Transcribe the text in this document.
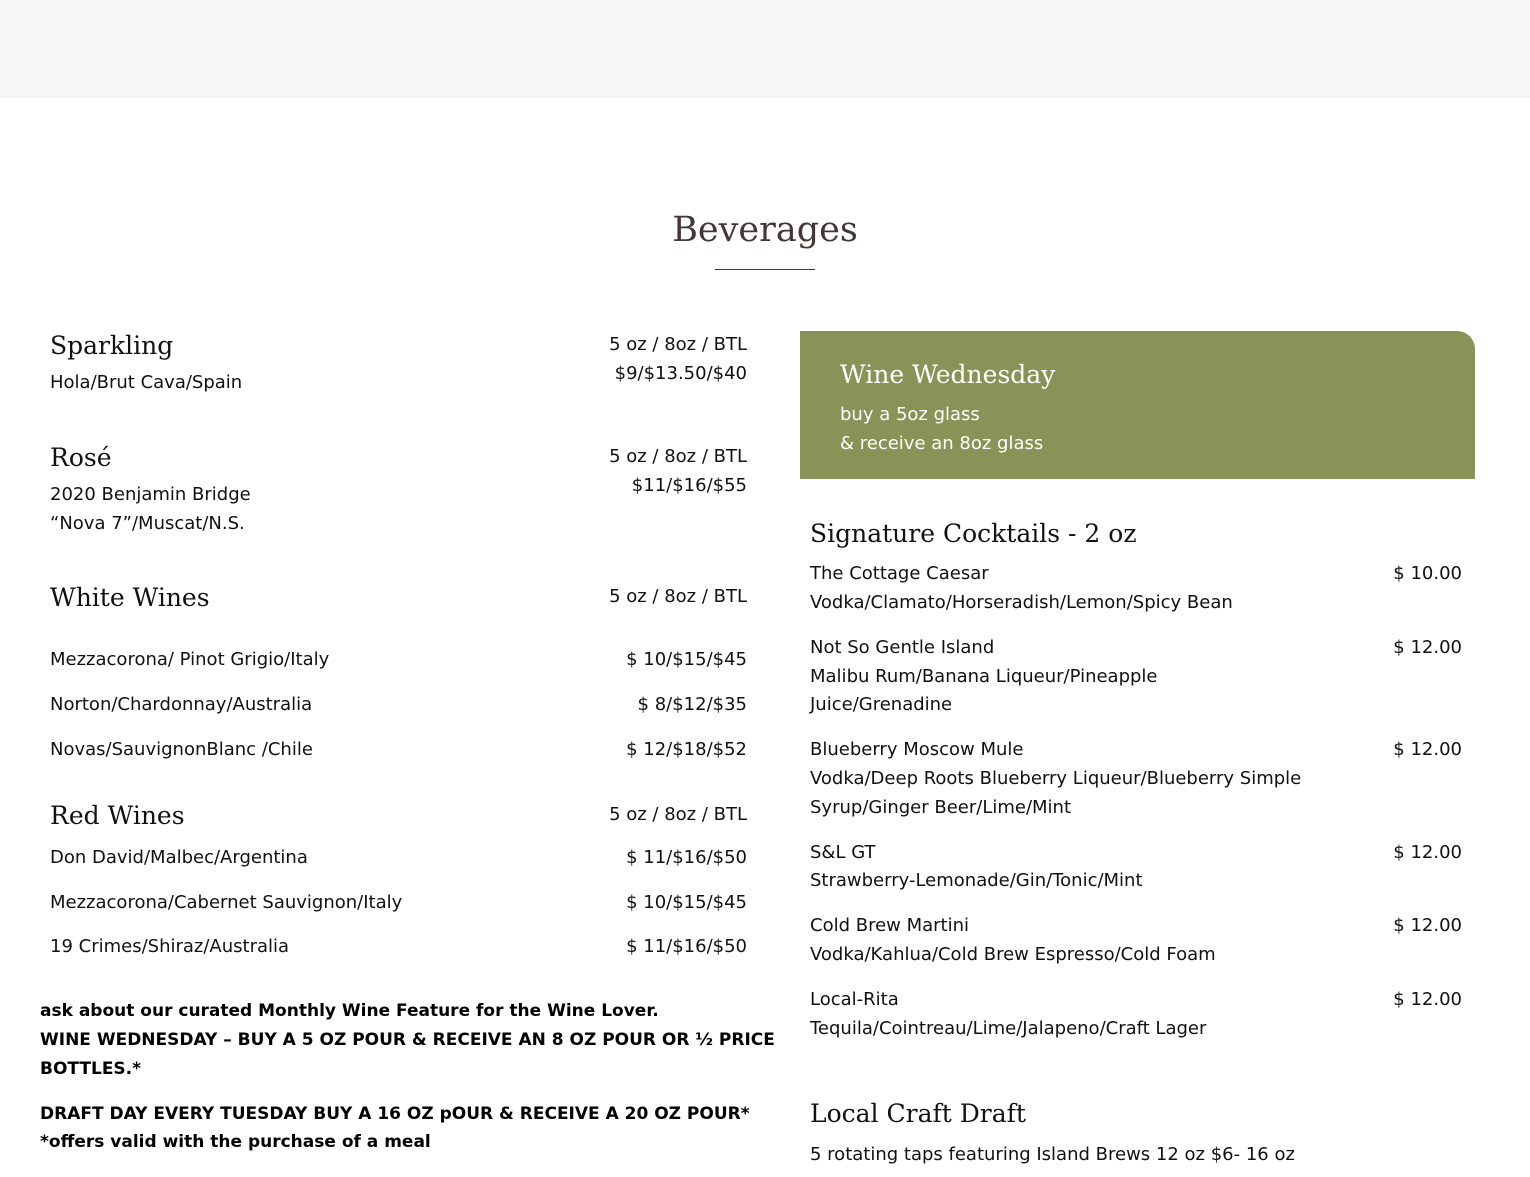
Beverages
Sparkling	5 oz / 8oz / BTL
Hola/Brut Cava/Spain	$9/$13.50/$40
Rosé	5 oz / 8oz / BTL
2020 Benjamin Bridge
“Nova 7”/Muscat/N.S.
$11/$16/$55
White Wines	5 oz / 8oz / BTL
Mezzacorona/ Pinot Grigio/Italy	$ 10/$15/$45
Norton/Chardonnay/Australia	$ 8/$12/$35
Novas/SauvignonBlanc /Chile	$ 12/$18/$52
Red Wines	5 oz / 8oz / BTL
Don David/Malbec/Argentina	$ 11/$16/$50
Mezzacorona/Cabernet Sauvignon/Italy	$ 10/$15/$45
19 Crimes/Shiraz/Australia	$ 11/$16/$50
ask about our curated Monthly Wine Feature for the Wine Lover.
WINE WEDNESDAY – BUY A 5 OZ POUR & RECEIVE AN 8 OZ POUR OR ½ PRICE
BOTTLES.*
DRAFT DAY EVERY TUESDAY BUY A 16 OZ pOUR & RECEIVE A 20 OZ POUR*
*offers valid with the purchase of a meal
Wine Wednesday
buy a 5oz glass
& receive an 8oz glass
Signature Cocktails - 2 oz
The Cottage Caesar	$ 10.00
Vodka/Clamato/Horseradish/Lemon/Spicy Bean
Not So Gentle Island	$ 12.00
Malibu Rum/Banana Liqueur/Pineapple
Juice/Grenadine
Blueberry Moscow Mule	$ 12.00
Vodka/Deep Roots Blueberry Liqueur/Blueberry Simple
Syrup/Ginger Beer/Lime/Mint
S&L GT	$ 12.00
Strawberry-Lemonade/Gin/Tonic/Mint
Cold Brew Martini	$ 12.00
Vodka/Kahlua/Cold Brew Espresso/Cold Foam
Local-Rita	$ 12.00
Tequila/Cointreau/Lime/Jalapeno/Craft Lager
Local Craft Draft
5 rotating taps featuring Island Brews 12 oz $6- 16 oz
